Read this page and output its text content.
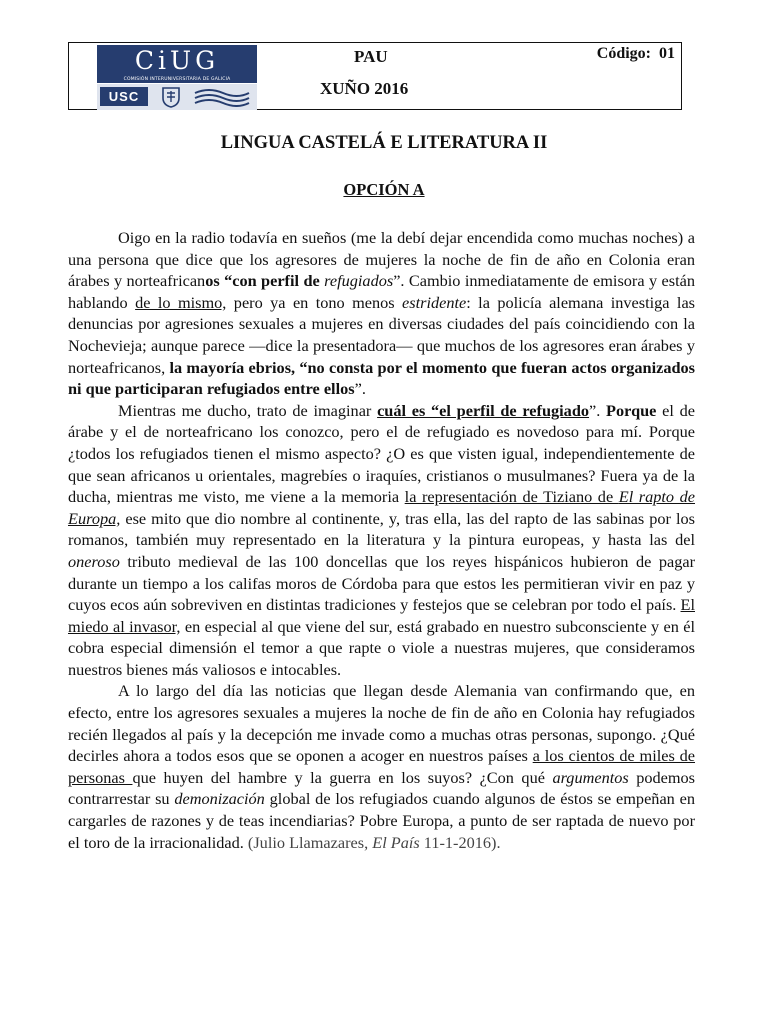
CiUG
COMISIÓN INTERUNIVERSITARIA DE GALICIA
USC
PAU
XUÑO 2016
Código: 01
LINGUA CASTELÁ E LITERATURA II
OPCIÓN A

Oigo en la radio todavía en sueños (me la debí dejar encendida como muchas noches) a una persona que dice que los agresores de mujeres la noche de fin de año en Colonia eran árabes y norteafricanos “con perfil de refugiados”. Cambio inmediatamente de emisora y están hablando de lo mismo, pero ya en tono menos estridente: la policía alemana investiga las denuncias por agresiones sexuales a mujeres en diversas ciudades del país coincidiendo con la Nochevieja; aunque parece —dice la presentadora— que muchos de los agresores eran árabes y norteafricanos, la mayoría ebrios, “no consta por el momento que fueran actos organizados ni que participaran refugiados entre ellos”.

Mientras me ducho, trato de imaginar cuál es “el perfil de refugiado”. Porque el de árabe y el de norteafricano los conozco, pero el de refugiado es novedoso para mí. Porque ¿todos los refugiados tienen el mismo aspecto? ¿O es que visten igual, independientemente de que sean africanos u orientales, magrebíes o iraquíes, cristianos o musulmanes? Fuera ya de la ducha, mientras me visto, me viene a la memoria la representación de Tiziano de El rapto de Europa, ese mito que dio nombre al continente, y, tras ella, las del rapto de las sabinas por los romanos, también muy representado en la literatura y la pintura europeas, y hasta las del oneroso tributo medieval de las 100 doncellas que los reyes hispánicos hubieron de pagar durante un tiempo a los califas moros de Córdoba para que estos les permitieran vivir en paz y cuyos ecos aún sobreviven en distintas tradiciones y festejos que se celebran por todo el país. El miedo al invasor, en especial al que viene del sur, está grabado en nuestro subconsciente y en él cobra especial dimensión el temor a que rapte o viole a nuestras mujeres, que consideramos nuestros bienes más valiosos e intocables.

A lo largo del día las noticias que llegan desde Alemania van confirmando que, en efecto, entre los agresores sexuales a mujeres la noche de fin de año en Colonia hay refugiados recién llegados al país y la decepción me invade como a muchas otras personas, supongo. ¿Qué decirles ahora a todos esos que se oponen a acoger en nuestros países a los cientos de miles de personas que huyen del hambre y la guerra en los suyos? ¿Con qué argumentos podemos contrarrestar su demonización global de los refugiados cuando algunos de éstos se empeñan en cargarles de razones y de teas incendiarias? Pobre Europa, a punto de ser raptada de nuevo por el toro de la irracionalidad. (Julio Llamazares, El País 11-1-2016).
